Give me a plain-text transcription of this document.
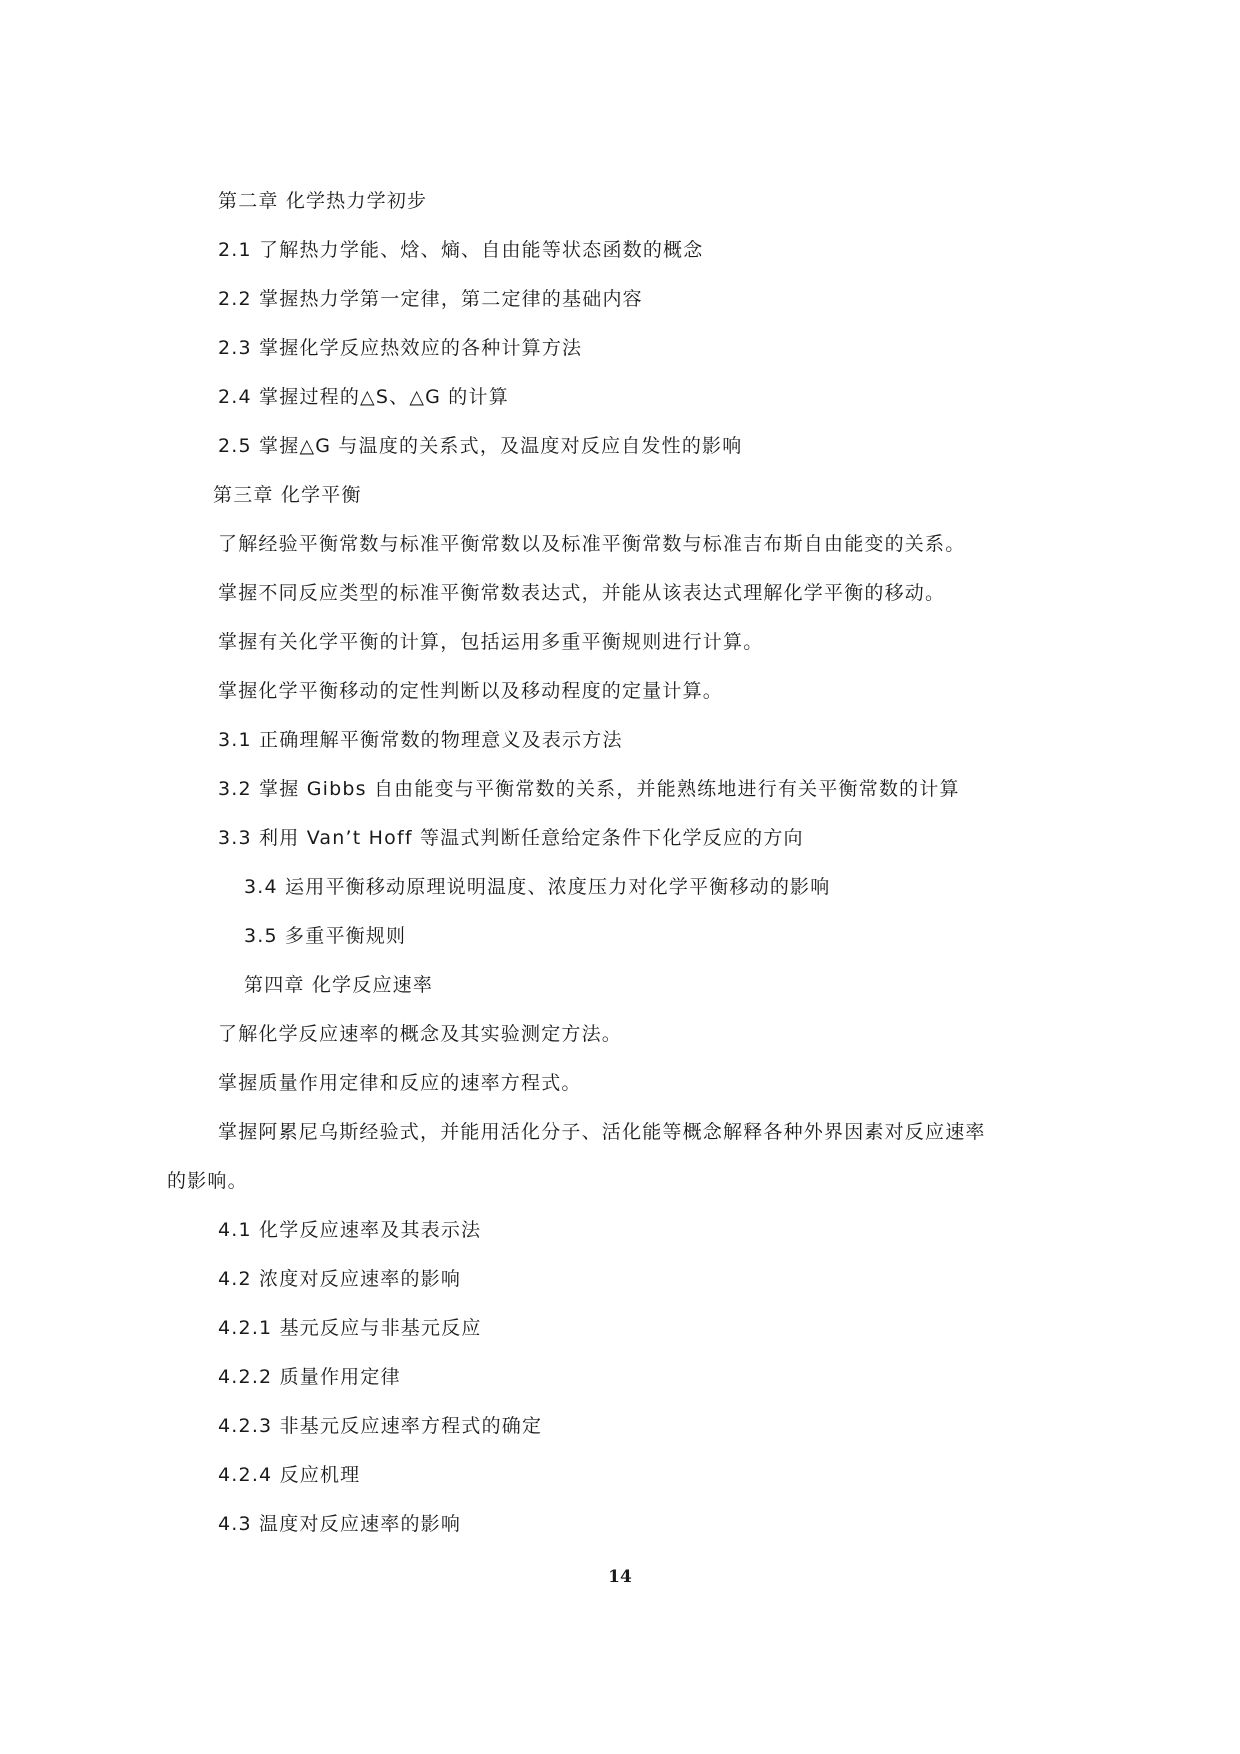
第二章 化学热力学初步
2.1 了解热力学能、焓、熵、自由能等状态函数的概念
2.2 掌握热力学第一定律，第二定律的基础内容
2.3 掌握化学反应热效应的各种计算方法
2.4 掌握过程的△S、△G 的计算
2.5 掌握△G 与温度的关系式，及温度对反应自发性的影响
第三章 化学平衡
了解经验平衡常数与标准平衡常数以及标准平衡常数与标准吉布斯自由能变的关系。
掌握不同反应类型的标准平衡常数表达式，并能从该表达式理解化学平衡的移动。
掌握有关化学平衡的计算，包括运用多重平衡规则进行计算。
掌握化学平衡移动的定性判断以及移动程度的定量计算。
3.1 正确理解平衡常数的物理意义及表示方法
3.2 掌握 Gibbs 自由能变与平衡常数的关系，并能熟练地进行有关平衡常数的计算
3.3 利用 Van’t Hoff 等温式判断任意给定条件下化学反应的方向
3.4 运用平衡移动原理说明温度、浓度压力对化学平衡移动的影响
3.5 多重平衡规则
第四章 化学反应速率
了解化学反应速率的概念及其实验测定方法。
掌握质量作用定律和反应的速率方程式。
掌握阿累尼乌斯经验式，并能用活化分子、活化能等概念解释各种外界因素对反应速率
的影响。
4.1 化学反应速率及其表示法
4.2 浓度对反应速率的影响
4.2.1 基元反应与非基元反应
4.2.2 质量作用定律
4.2.3 非基元反应速率方程式的确定
4.2.4 反应机理
4.3 温度对反应速率的影响
14
